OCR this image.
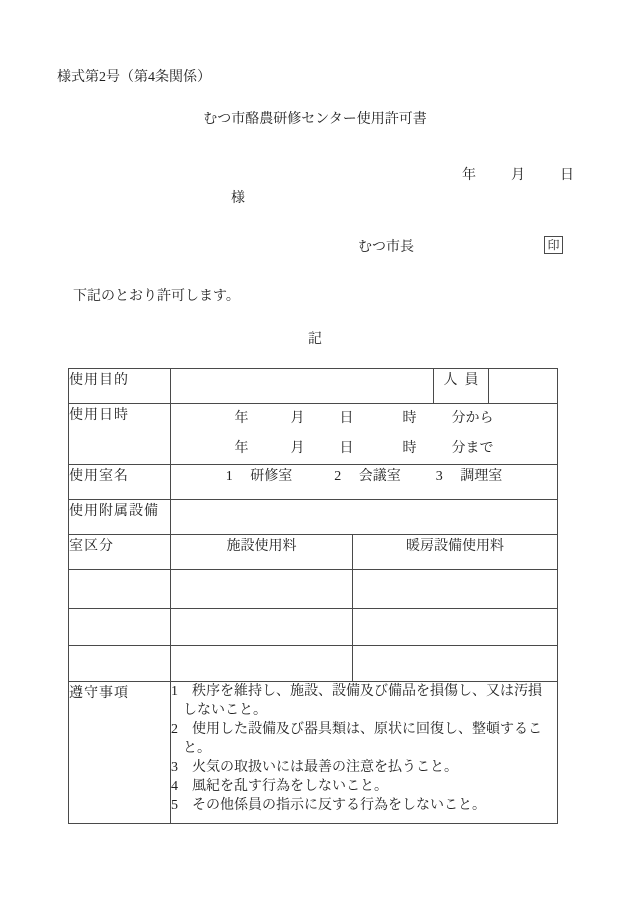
様式第2号（第4条関係）
むつ市酪農研修センター使用許可書
年          月          日
様
むつ市長	印
下記のとおり許可します。
記
使用目的			人  員	
使用日時	年            月          日              時          分から
年            月          日              時          分まで			

使用室名	1     研修室            2     会議室          3     調理室			
使用附属設備				
室区分	施設使用料	暖房設備使用料		

遵守事項	1    秩序を維持し、施設、設備及び備品を損傷し、又は汚損
しないこと。
2    使用した設備及び器具類は、原状に回復し、整頓するこ
と。
3    火気の取扱いには最善の注意を払うこと。
4    風紀を乱す行為をしないこと。
5    その他係員の指示に反する行為をしないこと。
